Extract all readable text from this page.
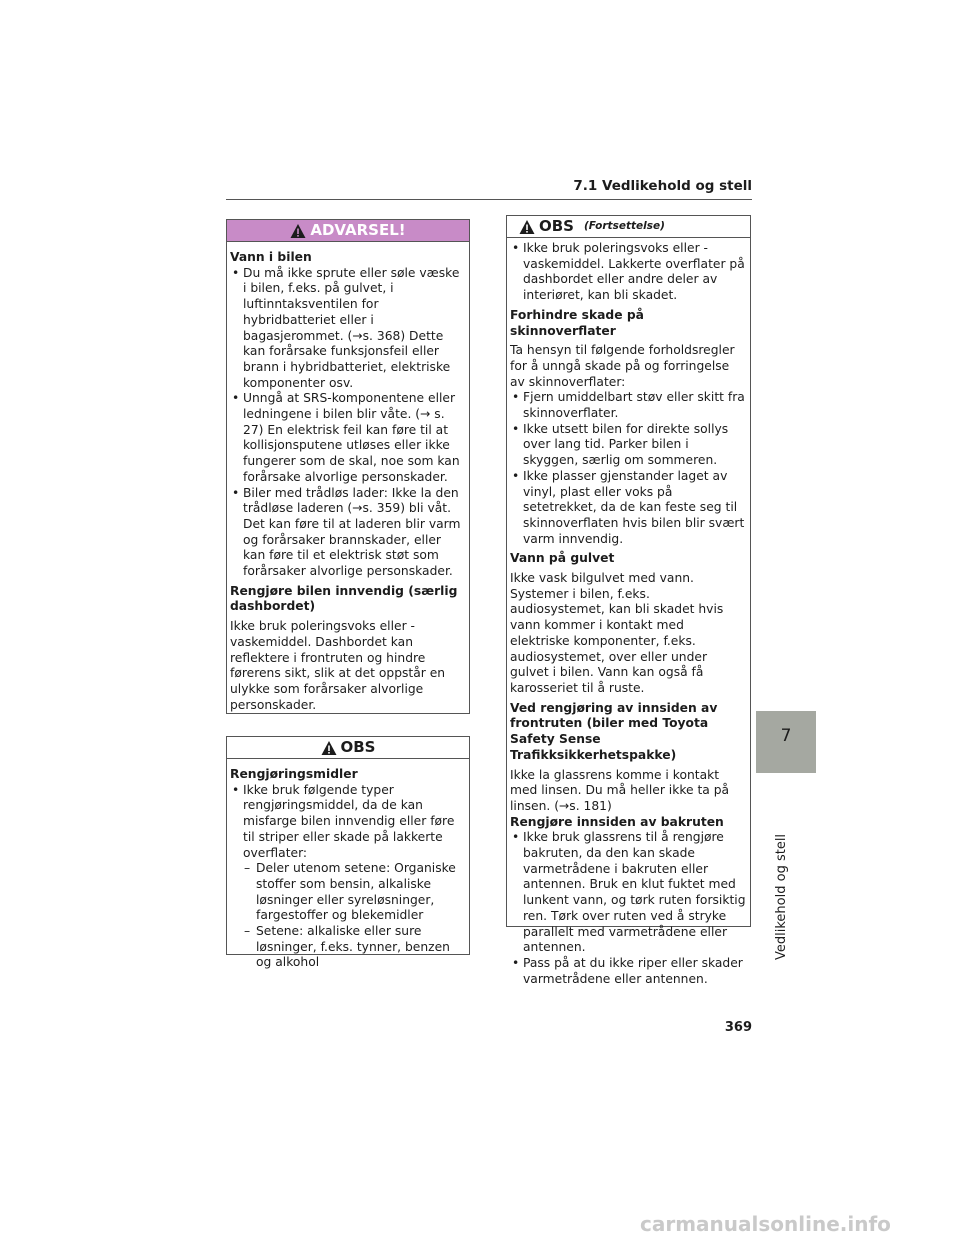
7.1 Vedlikehold og stell
ADVARSEL!

Vann i bilen

• Du må ikke sprute eller søle væske i bilen, f.eks. på gulvet, i luftinntaksventilen for hybridbatteriet eller i bagasjerommet. (→s. 368) Dette kan forårsake funksjonsfeil eller brann i hybridbatteriet, elektriske komponenter osv.

• Unngå at SRS-komponentene eller ledningene i bilen blir våte. (→ s. 27) En elektrisk feil kan føre til at kollisjonsputene utløses eller ikke fungerer som de skal, noe som kan forårsake alvorlige personskader.

• Biler med trådløs lader: Ikke la den trådløse laderen (→s. 359) bli våt. Det kan føre til at laderen blir varm og forårsaker brannskader, eller kan føre til et elektrisk støt som forårsaker alvorlige personskader.

Rengjøre bilen innvendig (særlig dashbordet)

Ikke bruk poleringsvoks eller -vaskemiddel. Dashbordet kan reflektere i frontruten og hindre førerens sikt, slik at det oppstår en ulykke som forårsaker alvorlige personskader.

OBS

Rengjøringsmidler

• Ikke bruk følgende typer rengjøringsmiddel, da de kan misfarge bilen innvendig eller føre til striper eller skade på lakkerte overflater:

– Deler utenom setene: Organiske stoffer som bensin, alkaliske løsninger eller syreløsninger, fargestoffer og blekemidler

– Setene: alkaliske eller sure løsninger, f.eks. tynner, benzen og alkohol

OBS (Fortsettelse)

• Ikke bruk poleringsvoks eller -vaskemiddel. Lakkerte overflater på dashbordet eller andre deler av interiøret, kan bli skadet.

Forhindre skade på skinnoverflater

Ta hensyn til følgende forholdsregler for å unngå skade på og forringelse av skinnoverflater:

• Fjern umiddelbart støv eller skitt fra skinnoverflater.

• Ikke utsett bilen for direkte sollys over lang tid. Parker bilen i skyggen, særlig om sommeren.

• Ikke plasser gjenstander laget av vinyl, plast eller voks på setetrekket, da de kan feste seg til skinnoverflaten hvis bilen blir svært varm innvendig.

Vann på gulvet

Ikke vask bilgulvet med vann. Systemer i bilen, f.eks. audiosystemet, kan bli skadet hvis vann kommer i kontakt med elektriske komponenter, f.eks. audiosystemet, over eller under gulvet i bilen. Vann kan også få karosseriet til å ruste.

Ved rengjøring av innsiden av frontruten (biler med Toyota Safety Sense Trafikksikkerhetspakke)

Ikke la glassrens komme i kontakt med linsen. Du må heller ikke ta på linsen. (→s. 181)

Rengjøre innsiden av bakruten

• Ikke bruk glassrens til å rengjøre bakruten, da den kan skade varmetrådene i bakruten eller antennen. Bruk en klut fuktet med lunkent vann, og tørk ruten forsiktig ren. Tørk over ruten ved å stryke parallelt med varmetrådene eller antennen.

• Pass på at du ikke riper eller skader varmetrådene eller antennen.

7
Vedlikehold og stell
369
carmanualsonline.info
